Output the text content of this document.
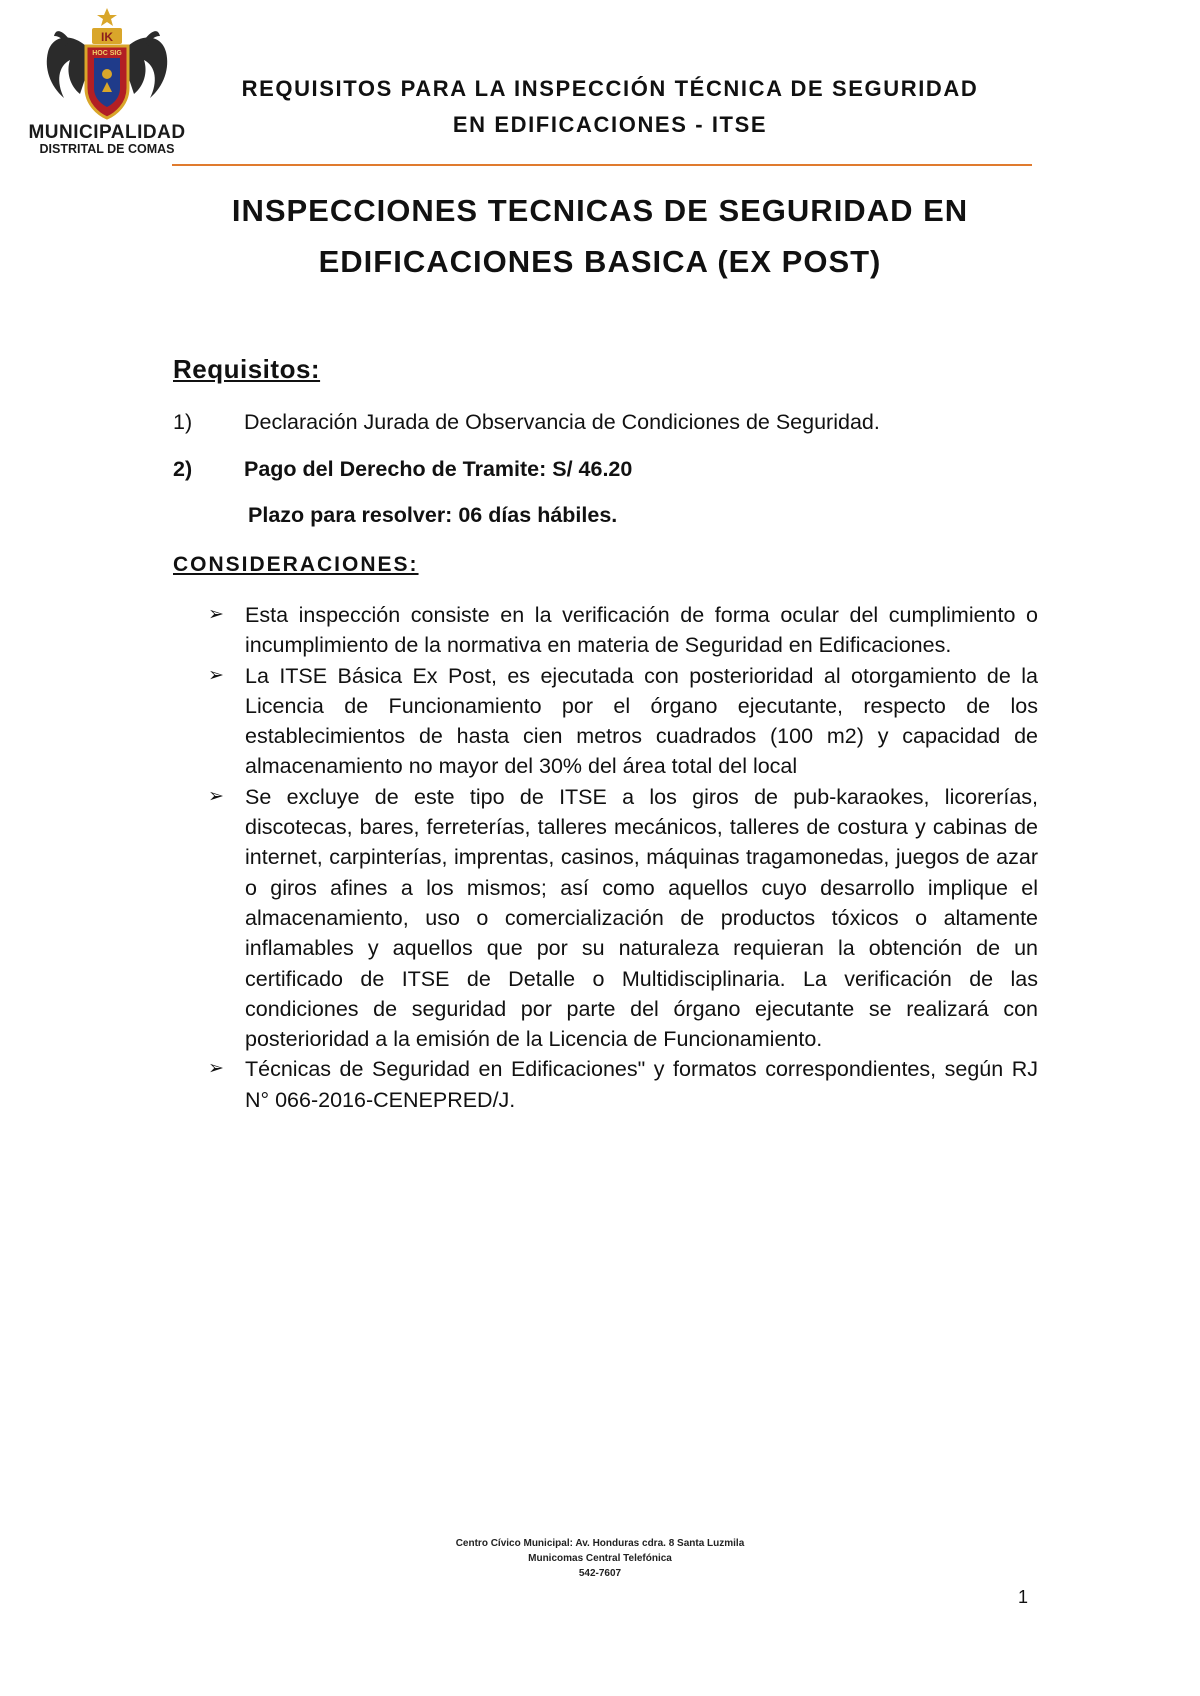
IK
HOC SIG
MUNICIPALIDAD
DISTRITAL DE COMAS
REQUISITOS PARA LA INSPECCIÓN TÉCNICA DE SEGURIDAD
EN EDIFICACIONES - ITSE
INSPECCIONES TECNICAS DE SEGURIDAD EN
EDIFICACIONES BASICA (EX POST)
Requisitos:
1) Declaración Jurada de Observancia de Condiciones de Seguridad.
2) Pago del Derecho de Tramite: S/ 46.20
Plazo para resolver: 06 días hábiles.
CONSIDERACIONES:
➢ Esta inspección consiste en la verificación de forma ocular del cumplimiento o incumplimiento de la normativa en materia de Seguridad en Edificaciones.
➢ La ITSE Básica Ex Post, es ejecutada con posterioridad al otorgamiento de la Licencia de Funcionamiento por el órgano ejecutante, respecto de los establecimientos de hasta cien metros cuadrados (100 m2) y capacidad de almacenamiento no mayor del 30% del área total del local
➢ Se excluye de este tipo de ITSE a los giros de pub-karaokes, licorerías, discotecas, bares, ferreterías, talleres mecánicos, talleres de costura y cabinas de internet, carpinterías, imprentas, casinos, máquinas tragamonedas, juegos de azar o giros afines a los mismos; así como aquellos cuyo desarrollo implique el almacenamiento, uso o comercialización de productos tóxicos o altamente inflamables y aquellos que por su naturaleza requieran la obtención de un certificado de ITSE de Detalle o Multidisciplinaria. La verificación de las condiciones de seguridad por parte del órgano ejecutante se realizará con posterioridad a la emisión de la Licencia de Funcionamiento.
➢ Técnicas de Seguridad en Edificaciones" y formatos correspondientes, según RJ N° 066-2016-CENEPRED/J.
Centro Cívico Municipal: Av. Honduras cdra. 8 Santa Luzmila
Municomas Central Telefónica
542-7607
1
